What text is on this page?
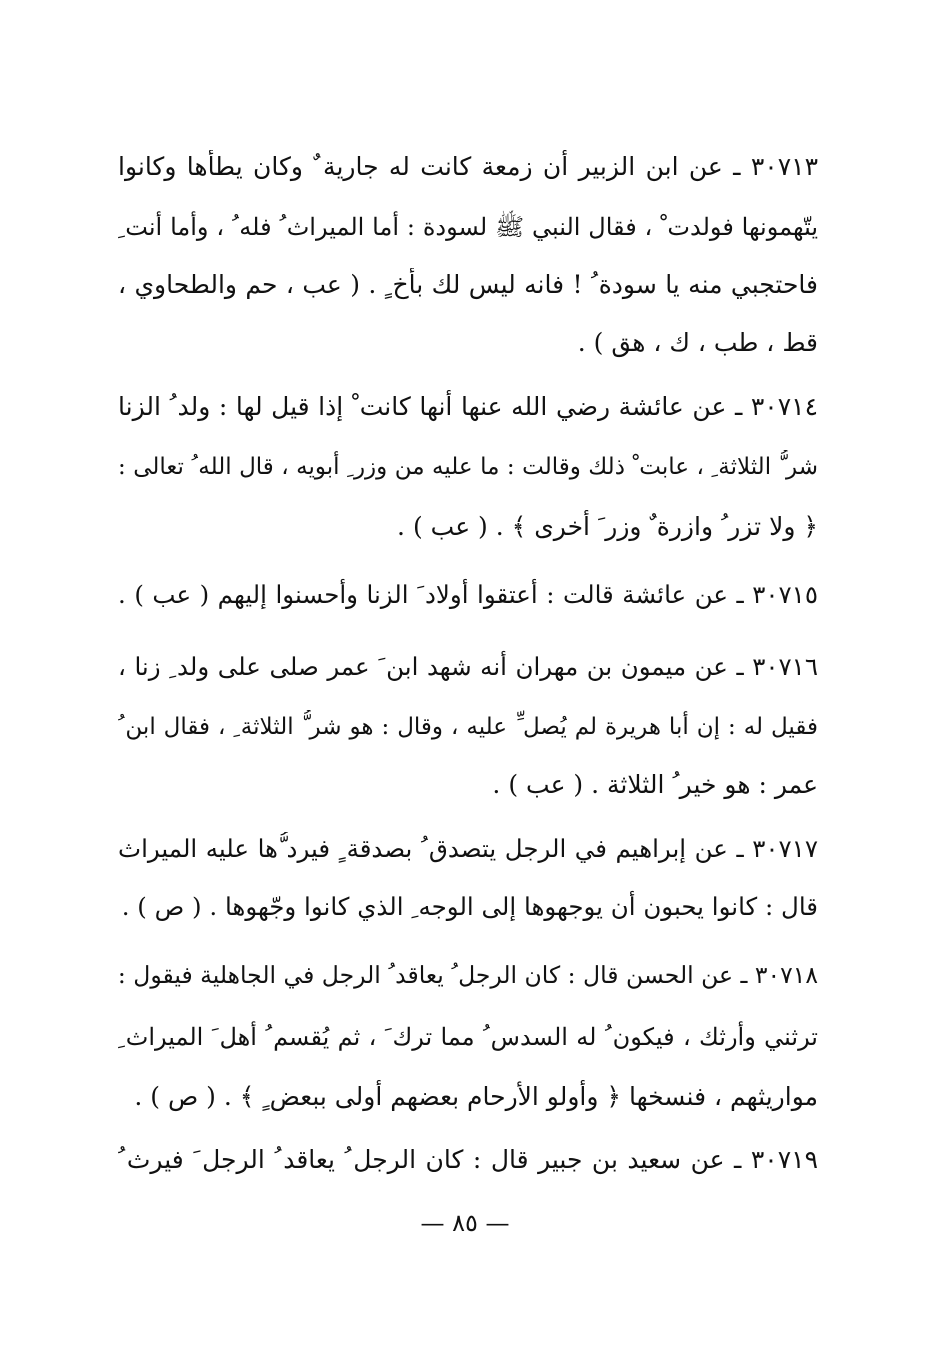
٣٠٧١٣ ـ عن ابن الزبير أن زمعة كانت له جارية ٌ وكان يطأها وكانوا
يتّهمونها فولدت ْ ، فقال النبي ﷺ لسودة : أما الميراث ُ فله ُ ، وأما أنت ِ
فاحتجبي منه يا سودة ُ ! فانه ليس لك بأخ ٍ . ( عب ، حم والطحاوي ،
قط ، طب ، ك ، هق ) .
٣٠٧١٤ ـ عن عائشة رضي الله عنها أنها كانت ْ إذا قيل لها : ولد ُ الزنا
شر ُّ الثلاثة ِ ، عابت ْ ذلك وقالت : ما عليه من وزر ِ أبويه ، قال الله ُ تعالى :
﴿ ولا تزر ُ وازرة ٌ وزر َ أخرى ﴾ . ( عب ) .
٣٠٧١٥ ـ عن عائشة قالت : أعتقوا أولاد َ الزنا وأحسنوا إليهم ( عب ) .
٣٠٧١٦ ـ عن ميمون بن مهران أنه شهد ابن َ عمر صلى على ولد ِ زنا ،
فقيل له : إن أبا هريرة لم يُصل ِّ عليه ، وقال : هو شر ُّ الثلاثة ِ ، فقال ابن ُ
عمر : هو خير ُ الثلاثة . ( عب ) .
٣٠٧١٧ ـ عن إبراهيم في الرجل يتصدق ُ بصدقة ٍ فيرد ُّها عليه الميراث
قال : كانوا يحبون أن يوجهوها إلى الوجه ِ الذي كانوا وجّهوها . ( ص ) .
٣٠٧١٨ ـ عن الحسن قال : كان الرجل ُ يعاقد ُ الرجل في الجاهلية فيقول :
ترثني وأرثك ، فيكون ُ له السدس ُ مما ترك َ ، ثم يُقسم ُ أهل َ الميراث ِ
مواريثهم ، فنسخها ﴿ وأولو الأرحام بعضهم أولى ببعض ٍ ﴾ . ( ص ) .
٣٠٧١٩ ـ عن سعيد بن جبير قال : كان الرجل ُ يعاقد ُ الرجل َ فيرث ُ
— ٨٥ —
